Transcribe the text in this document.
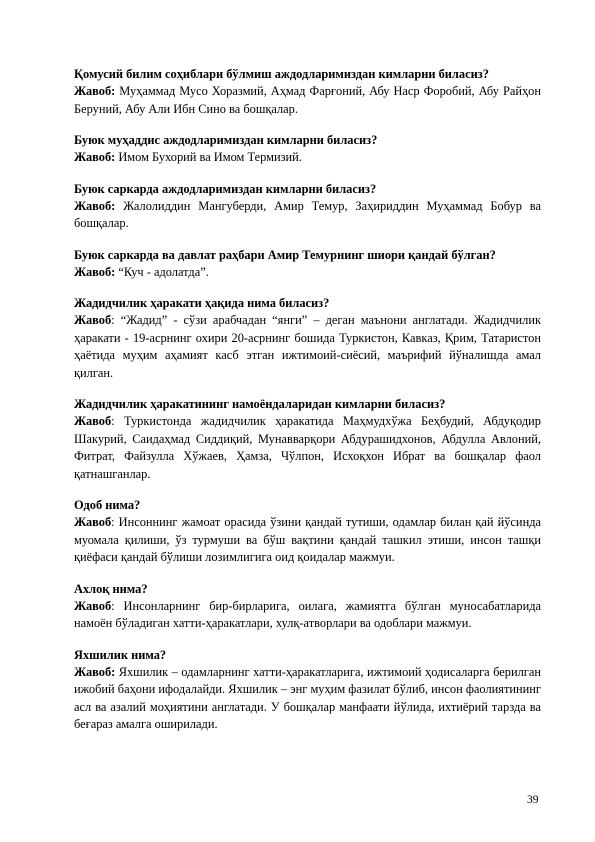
Қомусий билим соҳиблари бўлмиш аждодларимиздан кимларни биласиз?
Жавоб: Муҳаммад Мусо Хоразмий, Аҳмад Фарғоний, Абу Наср Форобий, Абу Райҳон Беруний, Абу Али Ибн Сино ва бошқалар.
Буюк муҳаддис аждодларимиздан кимларни биласиз?
Жавоб: Имом Бухорий ва Имом Термизий.
Буюк саркарда аждодларимиздан кимларни биласиз?
Жавоб: Жалолиддин Мангуберди, Амир Темур, Заҳириддин Муҳаммад Бобур ва бошқалар.
Буюк саркарда ва давлат раҳбари Амир Темурнинг шиори қандай бўлган?
Жавоб: “Куч - адолатда”.
Жадидчилик ҳаракати ҳақида нима биласиз?
Жавоб: “Жадид” - сўзи арабчадан “янги” – деган маънони англатади. Жадидчилик ҳаракати - 19-асрнинг охири 20-асрнинг бошида Туркистон, Кавказ, Қрим, Татаристон ҳаётида муҳим аҳамият касб этган ижтимоий-сиёсий, маърифий йўналишда амал қилган.
Жадидчилик ҳаракатининг намоёндаларидан кимларни биласиз?
Жавоб: Туркистонда жадидчилик ҳаракатида Маҳмудхўжа Беҳбудий, Абдуқодир Шакурий, Саидаҳмад Сиддиқий, Мунавварқори Абдурашидхонов, Абдулла Авлоний, Фитрат, Файзулла Хўжаев, Ҳамза, Чўлпон, Исхоқхон Ибрат ва бошқалар фаол қатнашганлар.
Одоб нима?
Жавоб: Инсоннинг жамоат орасида ўзини қандай тутиши, одамлар билан қай йўсинда муомала қилиши, ўз турмуши ва бўш вақтини қандай ташкил этиши, инсон ташқи қиёфаси қандай бўлиши лозимлигига оид қоидалар мажмуи.
Ахлоқ нима?
Жавоб: Инсонларнинг бир-бирларига, оилага, жамиятга бўлган муносабатларида намоён бўладиган хатти-ҳаракатлари, хулқ-атворлари ва одоблари мажмуи.
Яхшилик нима?
Жавоб: Яхшилик – одамларнинг хатти-ҳаракатларига, ижтимоий ҳодисаларга берилган ижобий баҳони ифодалайди. Яхшилик – энг муҳим фазилат бўлиб, инсон фаолиятининг асл ва азалий моҳиятини англатади. У бошқалар манфаати йўлида, ихтиёрий тарзда ва беғараз амалга оширилади.
39
